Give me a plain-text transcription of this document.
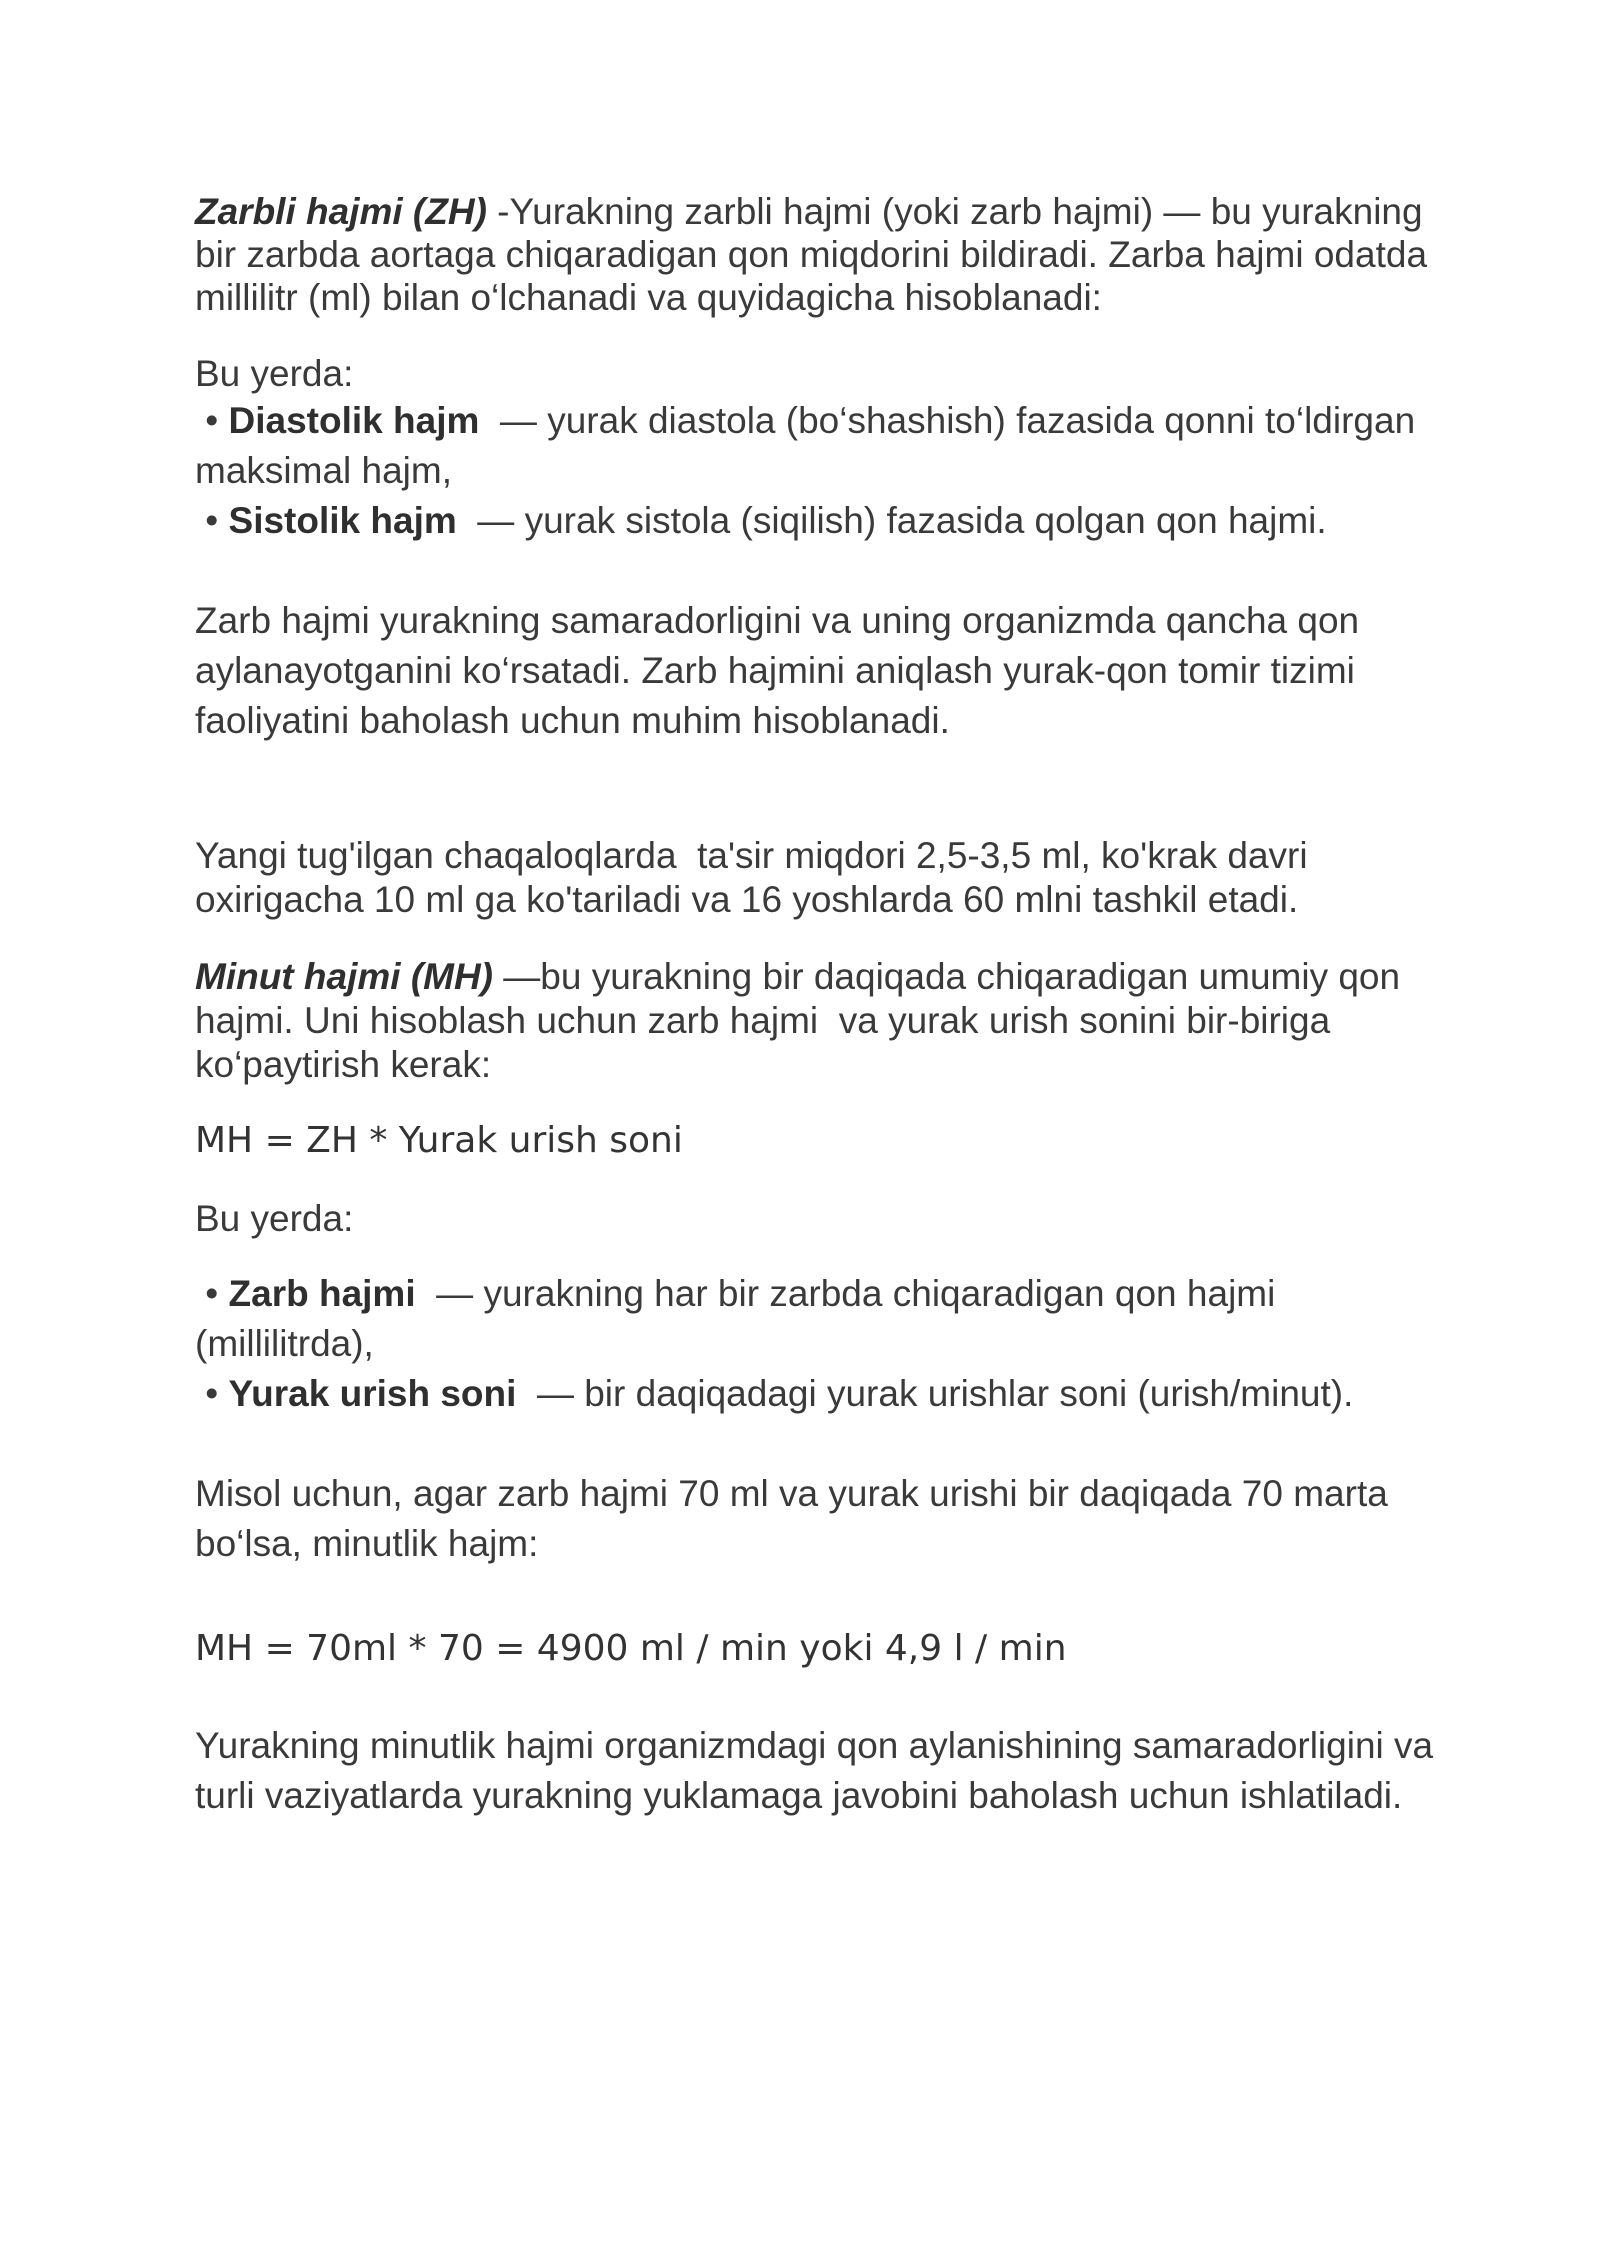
Zarbli hajmi (ZH) -Yurakning zarbli hajmi (yoki zarb hajmi) — bu yurakning bir zarbda aortaga chiqaradigan qon miqdorini bildiradi. Zarba hajmi odatda millilitr (ml) bilan o‘lchanadi va quyidagicha hisoblanadi:

Bu yerda:

• Diastolik hajm  — yurak diastola (bo‘shashish) fazasida qonni to‘ldirgan maksimal hajm,

• Sistolik hajm  — yurak sistola (siqilish) fazasida qolgan qon hajmi.

Zarb hajmi yurakning samaradorligini va uning organizmda qancha qon aylanayotganini ko‘rsatadi. Zarb hajmini aniqlash yurak-qon tomir tizimi faoliyatini baholash uchun muhim hisoblanadi.

Yangi tug'ilgan chaqaloqlarda  ta'sir miqdori 2,5-3,5 ml, ko'krak davri oxirigacha 10 ml ga ko'tariladi va 16 yoshlarda 60 mlni tashkil etadi.

Minut hajmi (MH) —bu yurakning bir daqiqada chiqaradigan umumiy qon hajmi. Uni hisoblash uchun zarb hajmi  va yurak urish sonini bir-biriga ko‘paytirish kerak:

MH = ZH * Yurak urish soni

Bu yerda:

• Zarb hajmi  — yurakning har bir zarbda chiqaradigan qon hajmi (millilitrda),

• Yurak urish soni  — bir daqiqadagi yurak urishlar soni (urish/minut).

Misol uchun, agar zarb hajmi 70 ml va yurak urishi bir daqiqada 70 marta bo‘lsa, minutlik hajm:

MH = 70ml * 70 = 4900 ml / min yoki 4,9 l / min

Yurakning minutlik hajmi organizmdagi qon aylanishining samaradorligini va turli vaziyatlarda yurakning yuklamaga javobini baholash uchun ishlatiladi.
